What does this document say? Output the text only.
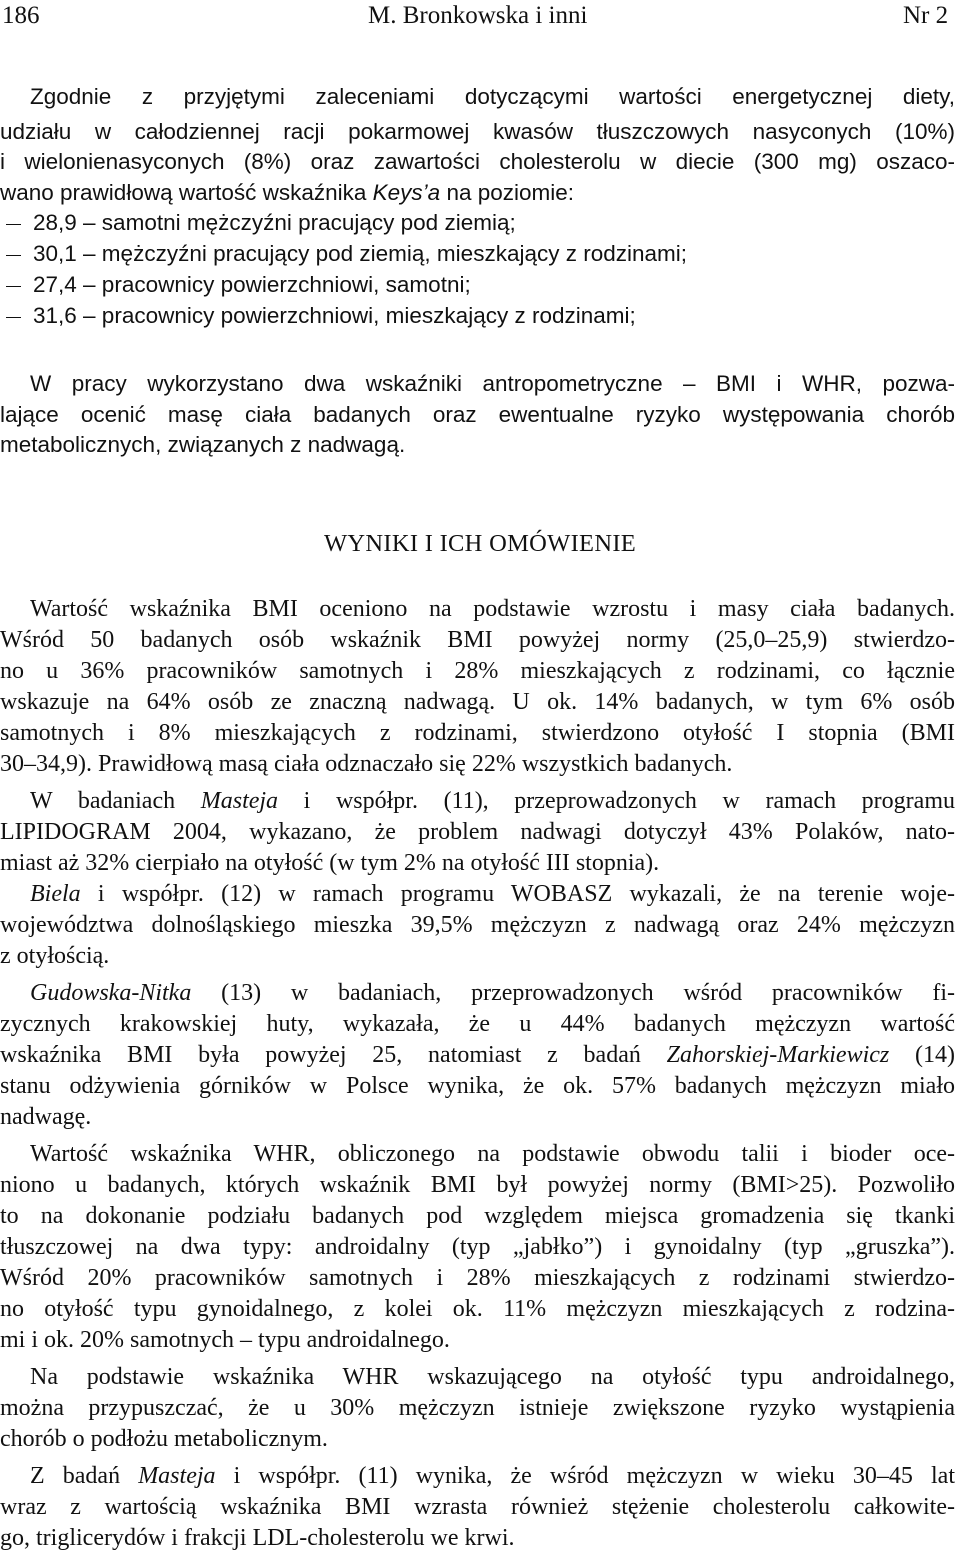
186	M. Bronkowska i inni	Nr 2

Zgodnie z przyjętymi zaleceniami dotyczącymi wartości energetycznej diety,

udziału w całodziennej racji pokarmowej kwasów tłuszczowych nasyconych (10%)

i wielonienasyconych (8%) oraz zawartości cholesterolu w diecie (300 mg) oszaco-

wano prawidłową wartość wskaźnika Keys’a na poziomie:

28,9 – samotni mężczyźni pracujący pod ziemią;

30,1 – mężczyźni pracujący pod ziemią, mieszkający z rodzinami;

27,4 – pracownicy powierzchniowi, samotni;

31,6 – pracownicy powierzchniowi, mieszkający z rodzinami;

W pracy wykorzystano dwa wskaźniki antropometryczne – BMI i WHR, pozwa-

lające ocenić masę ciała badanych oraz ewentualne ryzyko występowania chorób

metabolicznych, związanych z nadwagą.

WYNIKI I ICH OMÓWIENIE

Wartość wskaźnika BMI oceniono na podstawie wzrostu i masy ciała badanych.

Wśród 50 badanych osób wskaźnik BMI powyżej normy (25,0–25,9) stwierdzo-

no u 36% pracowników samotnych i 28% mieszkających z rodzinami, co łącznie

wskazuje na 64% osób ze znaczną nadwagą. U ok. 14% badanych, w tym 6% osób

samotnych i 8% mieszkających z rodzinami, stwierdzono otyłość I stopnia (BMI

30–34,9). Prawidłową masą ciała odznaczało się 22% wszystkich badanych.

W badaniach Masteja i współpr. (11), przeprowadzonych w ramach programu

LIPIDOGRAM 2004, wykazano, że problem nadwagi dotyczył 43% Polaków, nato-

miast aż 32% cierpiało na otyłość (w tym 2% na otyłość III stopnia).

Biela i współpr. (12) w ramach programu WOBASZ wykazali, że na terenie woje-

województwa dolnośląskiego mieszka 39,5% mężczyzn z nadwagą oraz 24% mężczyzn

z otyłością.

Gudowska-Nitka (13) w badaniach, przeprowadzonych wśród pracowników fi-

zycznych krakowskiej huty, wykazała, że u 44% badanych mężczyzn wartość

wskaźnika BMI była powyżej 25, natomiast z badań Zahorskiej-Markiewicz (14)

stanu odżywienia górników w Polsce wynika, że ok. 57% badanych mężczyzn miało

nadwagę.

Wartość wskaźnika WHR, obliczonego na podstawie obwodu talii i bioder oce-

niono u badanych, których wskaźnik BMI był powyżej normy (BMI>25). Pozwoliło

to na dokonanie podziału badanych pod względem miejsca gromadzenia się tkanki

tłuszczowej na dwa typy: androidalny (typ „jabłko”) i gynoidalny (typ „gruszka”).

Wśród 20% pracowników samotnych i 28% mieszkających z rodzinami stwierdzo-

no otyłość typu gynoidalnego, z kolei ok. 11% mężczyzn mieszkających z rodzina-

mi i ok. 20% samotnych – typu androidalnego.

Na podstawie wskaźnika WHR wskazującego na otyłość typu androidalnego,

można przypuszczać, że u 30% mężczyzn istnieje zwiększone ryzyko wystąpienia

chorób o podłożu metabolicznym.

Z badań Masteja i współpr. (11) wynika, że wśród mężczyzn w wieku 30–45 lat

wraz z wartością wskaźnika BMI wzrasta również stężenie cholesterolu całkowite-

go, triglicerydów i frakcji LDL-cholesterolu we krwi.
